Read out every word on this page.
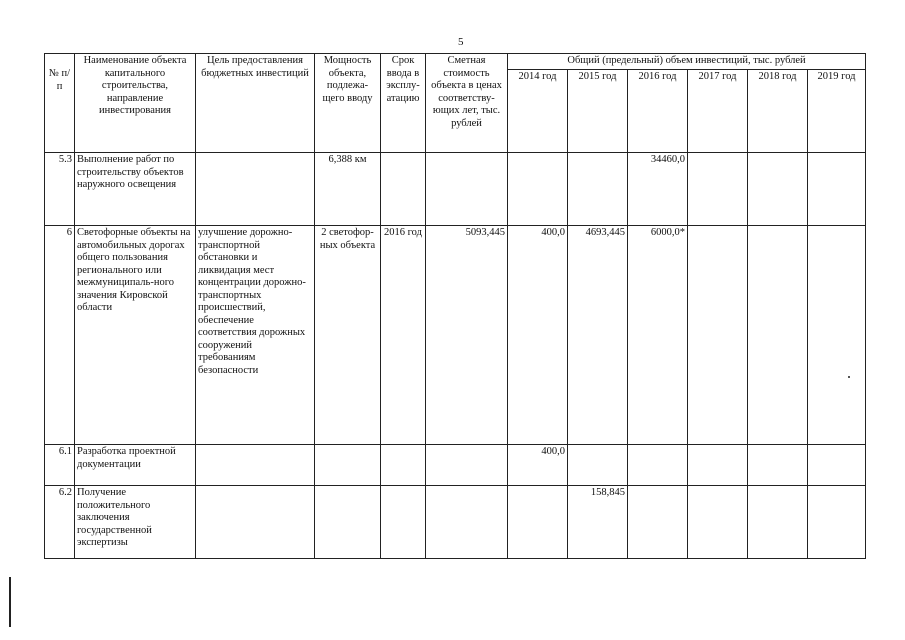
5
№ п/п	Наименование объекта капитального строительства, направление инвестирования	Цель предоставления бюджетных инвестиций	Мощность объекта, подлежа-щего вводу	Срок ввода в эксплу-атацию	Сметная стоимость объекта в ценах соответству-ющих лет, тыс. рублей	Общий (предельный) объем инвестиций, тыс. рублей					
						2014 год	2015 год	2016 год	2017 год	2018 год	2019 год
5.3	Выполнение работ по строительству объектов наружного освещения		6,388 км					34460,0			
6	Светофорные объекты на автомобильных дорогах общего пользования регионального или межмуниципаль-ного значения Кировской области	улучшение дорожно-транспортной обстановки и ликвидация мест концентрации дорожно-транспортных происшествий, обеспечение соответствия дорожных сооружений требованиям безопасности	2 светофор-ных объекта	2016 год	5093,445	400,0	4693,445	6000,0*			
6.1	Разработка проектной документации					400,0					
6.2	Получение положительного заключения государственной экспертизы						158,845				
